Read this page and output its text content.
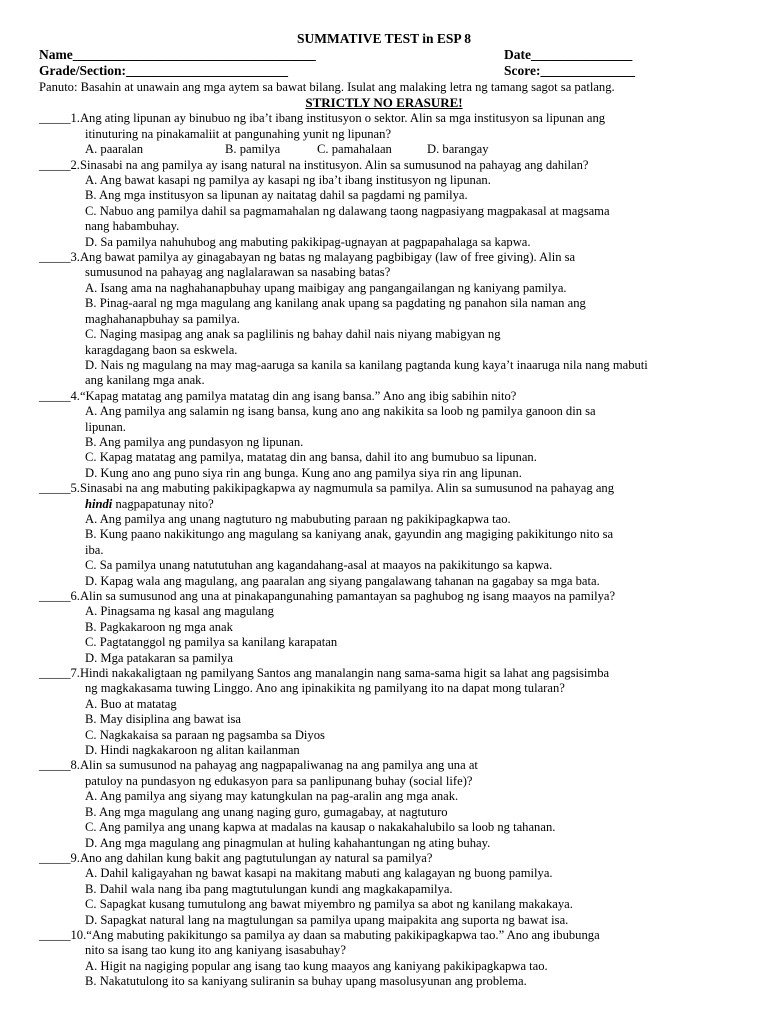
SUMMATIVE TEST in ESP 8
Name____________________________________	Date_______________
Grade/Section:________________________	Score:______________
Panuto: Basahin at unawain ang mga aytem sa bawat bilang. Isulat ang malaking letra ng tamang sagot sa patlang.
STRICTLY NO ERASURE!
_____1. Ang ating lipunan ay binubuo ng iba’t ibang institusyon o sektor. Alin sa mga institusyon sa lipunan ang
itinuturing na pinakamaliit at pangunahing yunit ng lipunan?
A. paaralan	B. pamilya	C. pamahalaan	D. barangay
_____2. Sinasabi na ang pamilya ay isang natural na institusyon. Alin sa sumusunod na pahayag ang dahilan?
A. Ang bawat kasapi ng pamilya ay kasapi ng iba’t ibang institusyon ng lipunan.
B. Ang mga institusyon sa lipunan ay naitatag dahil sa pagdami ng pamilya.
C. Nabuo ang pamilya dahil sa pagmamahalan ng dalawang taong nagpasiyang magpakasal at magsama
nang habambuhay.
D. Sa pamilya nahuhubog ang mabuting pakikipag-ugnayan at pagpapahalaga sa kapwa.
_____3. Ang bawat pamilya ay ginagabayan ng batas ng malayang pagbibigay (law of free giving). Alin sa
sumusunod na pahayag ang naglalarawan sa nasabing batas?
A. Isang ama na naghahanapbuhay upang maibigay ang pangangailangan ng kaniyang pamilya.
B. Pinag-aaral ng mga magulang ang kanilang anak upang sa pagdating ng panahon sila naman ang
maghahanapbuhay sa pamilya.
C. Naging masipag ang anak sa paglilinis ng bahay dahil nais niyang mabigyan ng
karagdagang baon sa eskwela.
D. Nais ng magulang na may mag-aaruga sa kanila sa kanilang pagtanda kung kaya’t inaaruga nila nang mabuti
ang kanilang mga anak.
_____4. “Kapag matatag ang pamilya matatag din ang isang bansa.” Ano ang ibig sabihin nito?
A. Ang pamilya ang salamin ng isang bansa, kung ano ang nakikita sa loob ng pamilya ganoon din sa
lipunan.
B. Ang pamilya ang pundasyon ng lipunan.
C. Kapag matatag ang pamilya, matatag din ang bansa, dahil ito ang bumubuo sa lipunan.
D. Kung ano ang puno siya rin ang bunga. Kung ano ang pamilya siya rin ang lipunan.
_____5. Sinasabi na ang mabuting pakikipagkapwa ay nagmumula sa pamilya. Alin sa sumusunod na pahayag ang
hindi nagpapatunay nito?
A. Ang pamilya ang unang nagtuturo ng mabubuting paraan ng pakikipagkapwa tao.
B. Kung paano nakikitungo ang magulang sa kaniyang anak, gayundin ang magiging pakikitungo nito sa
iba.
C. Sa pamilya unang natututuhan ang kagandahang-asal at maayos na pakikitungo sa kapwa.
D. Kapag wala ang magulang, ang paaralan ang siyang pangalawang tahanan na gagabay sa mga bata.
_____6. Alin sa sumusunod ang una at pinakapangunahing pamantayan sa paghubog ng isang maayos na pamilya?
A. Pinagsama ng kasal ang magulang
B. Pagkakaroon ng mga anak
C. Pagtatanggol ng pamilya sa kanilang karapatan
D. Mga patakaran sa pamilya
_____7. Hindi nakakaligtaan ng pamilyang Santos ang manalangin nang sama-sama higit sa lahat ang pagsisimba
ng magkakasama tuwing Linggo. Ano ang ipinakikita ng pamilyang ito na dapat mong tularan?
A. Buo at matatag
B. May disiplina ang bawat isa
C. Nagkakaisa sa paraan ng pagsamba sa Diyos
D. Hindi nagkakaroon ng alitan kailanman
_____8. Alin sa sumusunod na pahayag ang nagpapaliwanag na ang pamilya ang una at
patuloy na pundasyon ng edukasyon para sa panlipunang buhay (social life)?
A. Ang pamilya ang siyang may katungkulan na pag-aralin ang mga anak.
B. Ang mga magulang ang unang naging guro, gumagabay, at nagtuturo
C. Ang pamilya ang unang kapwa at madalas na kausap o nakakahalubilo sa loob ng tahanan.
D. Ang mga magulang ang pinagmulan at huling kahahantungan ng ating buhay.
_____9. Ano ang dahilan kung bakit ang pagtutulungan ay natural sa pamilya?
A. Dahil kaligayahan ng bawat kasapi na makitang mabuti ang kalagayan ng buong pamilya.
B. Dahil wala nang iba pang magtutulungan kundi ang magkakapamilya.
C. Sapagkat kusang tumutulong ang bawat miyembro ng pamilya sa abot ng kanilang makakaya.
D. Sapagkat natural lang na magtulungan sa pamilya upang maipakita ang suporta ng bawat isa.
_____10. “Ang mabuting pakikitungo sa pamilya ay daan sa mabuting pakikipagkapwa tao.” Ano ang ibubunga
nito sa isang tao kung ito ang kaniyang isasabuhay?
A. Higit na nagiging popular ang isang tao kung maayos ang kaniyang pakikipagkapwa tao.
B. Nakatutulong ito sa kaniyang suliranin sa buhay upang masolusyunan ang problema.
